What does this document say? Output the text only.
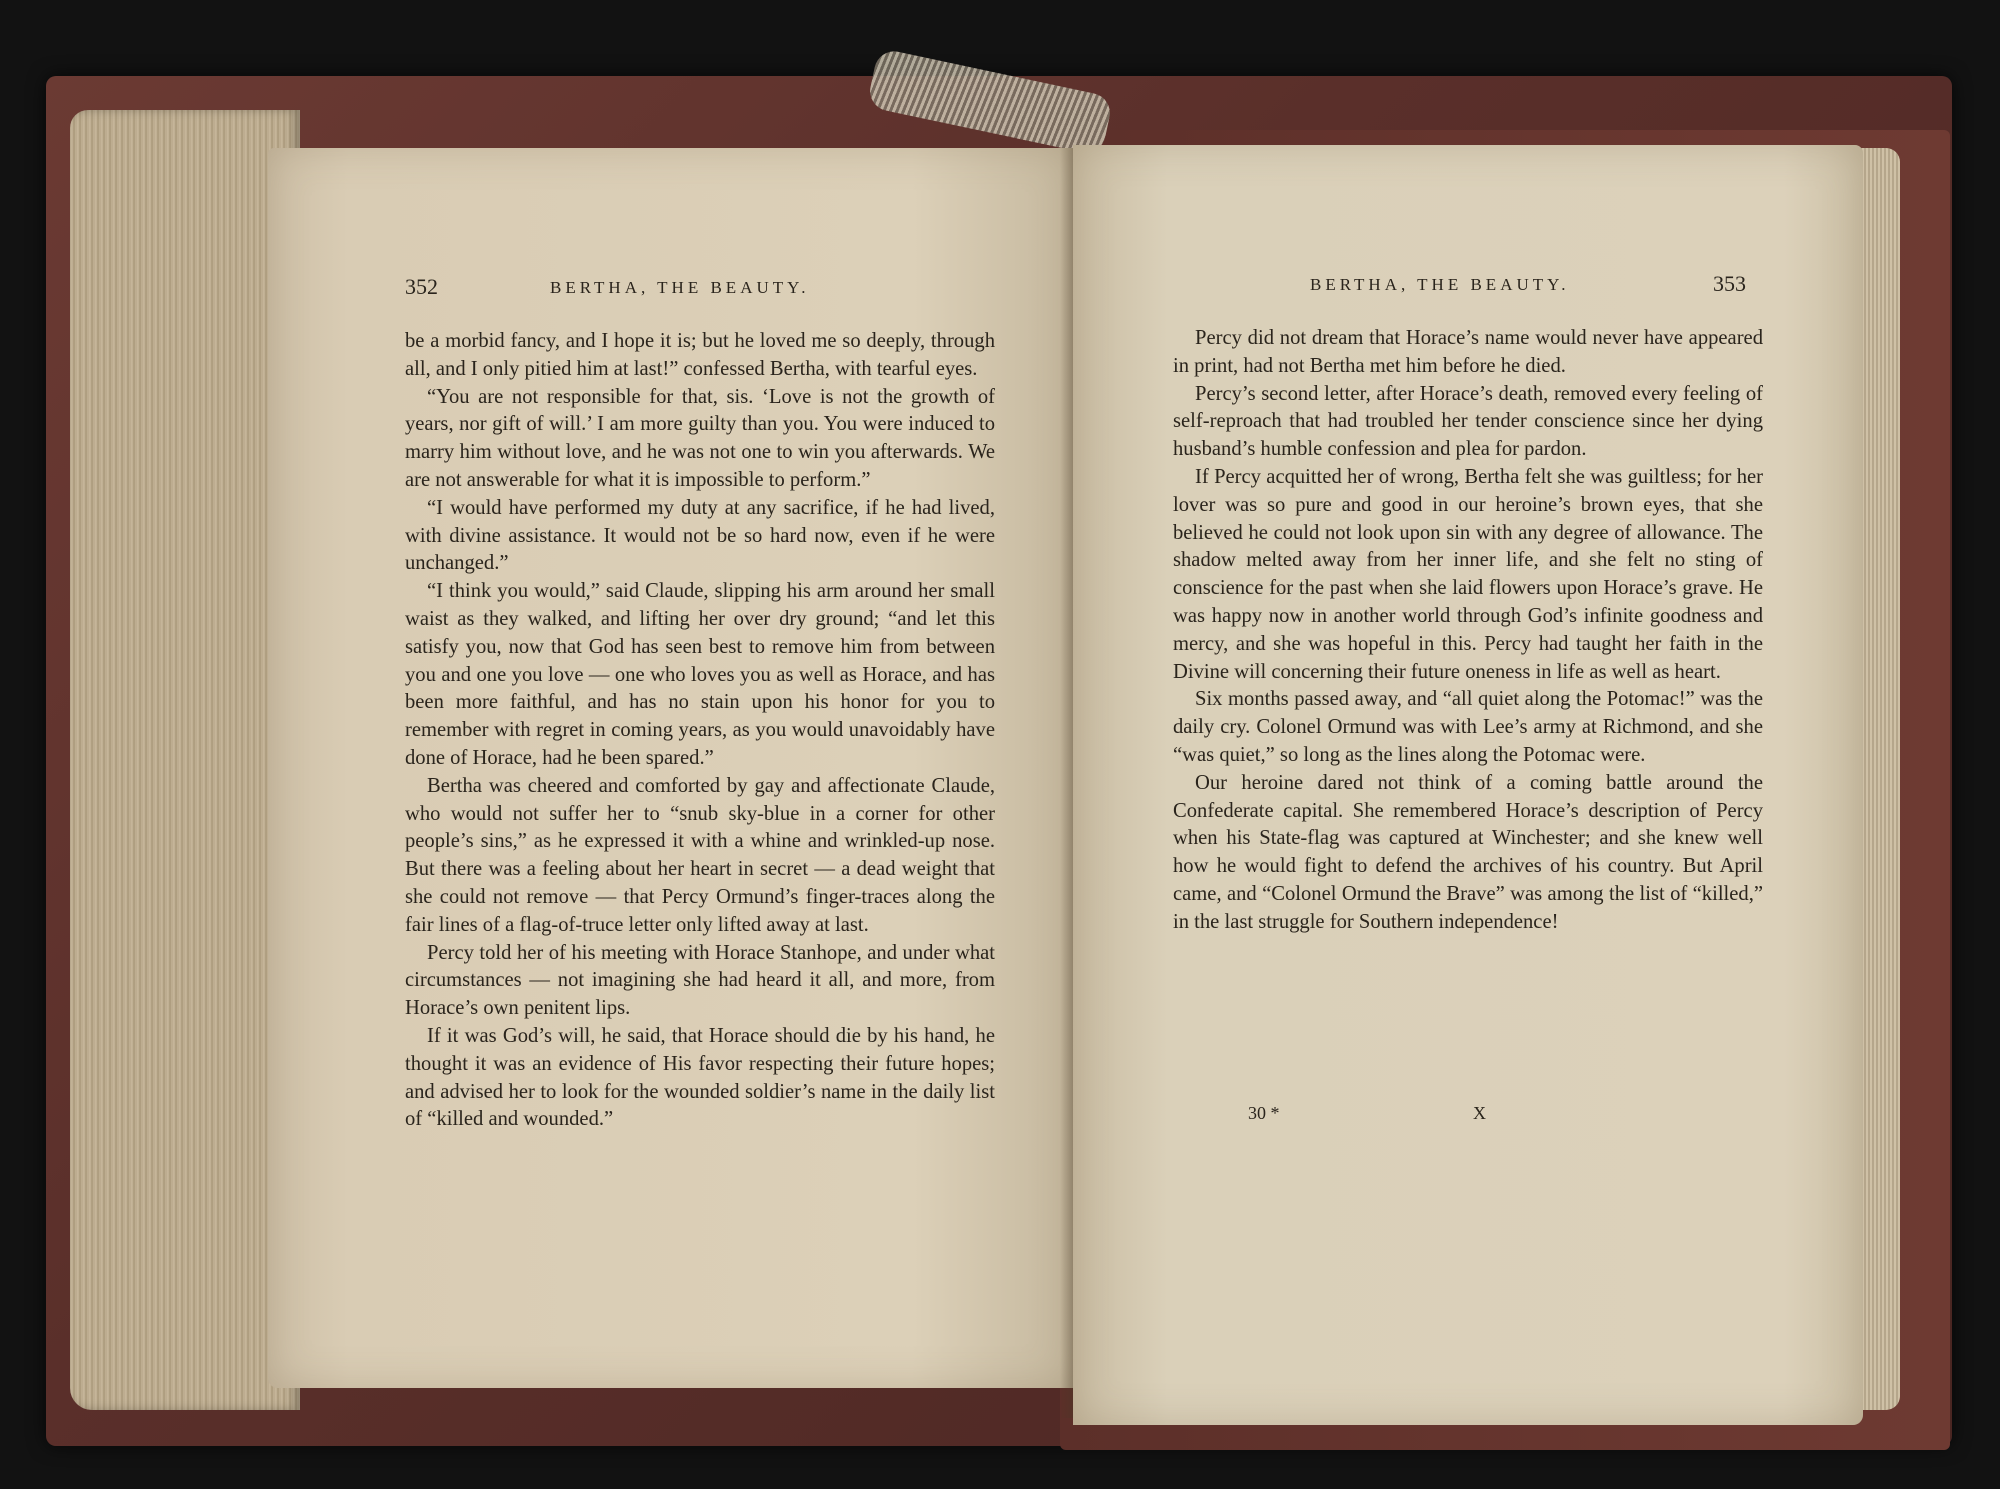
352	BERTHA, THE BEAUTY.

be a morbid fancy, and I hope it is; but he loved me so deeply, through all, and I only pitied him at last!” confessed Bertha, with tearful eyes.

“You are not responsible for that, sis. ‘Love is not the growth of years, nor gift of will.’ I am more guilty than you. You were induced to marry him without love, and he was not one to win you afterwards. We are not answerable for what it is impossible to perform.”

“I would have performed my duty at any sacrifice, if he had lived, with divine assistance. It would not be so hard now, even if he were unchanged.”

“I think you would,” said Claude, slipping his arm around her small waist as they walked, and lifting her over dry ground; “and let this satisfy you, now that God has seen best to remove him from between you and one you love — one who loves you as well as Horace, and has been more faithful, and has no stain upon his honor for you to remember with regret in coming years, as you would unavoidably have done of Horace, had he been spared.”

Bertha was cheered and comforted by gay and affectionate Claude, who would not suffer her to “snub sky-blue in a corner for other people’s sins,” as he expressed it with a whine and wrinkled-up nose. But there was a feeling about her heart in secret — a dead weight that she could not remove — that Percy Ormund’s finger-traces along the fair lines of a flag-of-truce letter only lifted away at last.

Percy told her of his meeting with Horace Stanhope, and under what circumstances — not imagining she had heard it all, and more, from Horace’s own penitent lips.

If it was God’s will, he said, that Horace should die by his hand, he thought it was an evidence of His favor respecting their future hopes; and advised her to look for the wounded soldier’s name in the daily list of “killed and wounded.”

BERTHA, THE BEAUTY.	353

Percy did not dream that Horace’s name would never have appeared in print, had not Bertha met him before he died.

Percy’s second letter, after Horace’s death, removed every feeling of self-reproach that had troubled her tender conscience since her dying husband’s humble confession and plea for pardon.

If Percy acquitted her of wrong, Bertha felt she was guiltless; for her lover was so pure and good in our heroine’s brown eyes, that she believed he could not look upon sin with any degree of allowance. The shadow melted away from her inner life, and she felt no sting of conscience for the past when she laid flowers upon Horace’s grave. He was happy now in another world through God’s infinite goodness and mercy, and she was hopeful in this. Percy had taught her faith in the Divine will concerning their future oneness in life as well as heart.

Six months passed away, and “all quiet along the Potomac!” was the daily cry. Colonel Ormund was with Lee’s army at Richmond, and she “was quiet,” so long as the lines along the Potomac were.

Our heroine dared not think of a coming battle around the Confederate capital. She remembered Horace’s description of Percy when his State-flag was captured at Winchester; and she knew well how he would fight to defend the archives of his country. But April came, and “Colonel Ormund the Brave” was among the list of “killed,” in the last struggle for Southern independence!

30 *	X
